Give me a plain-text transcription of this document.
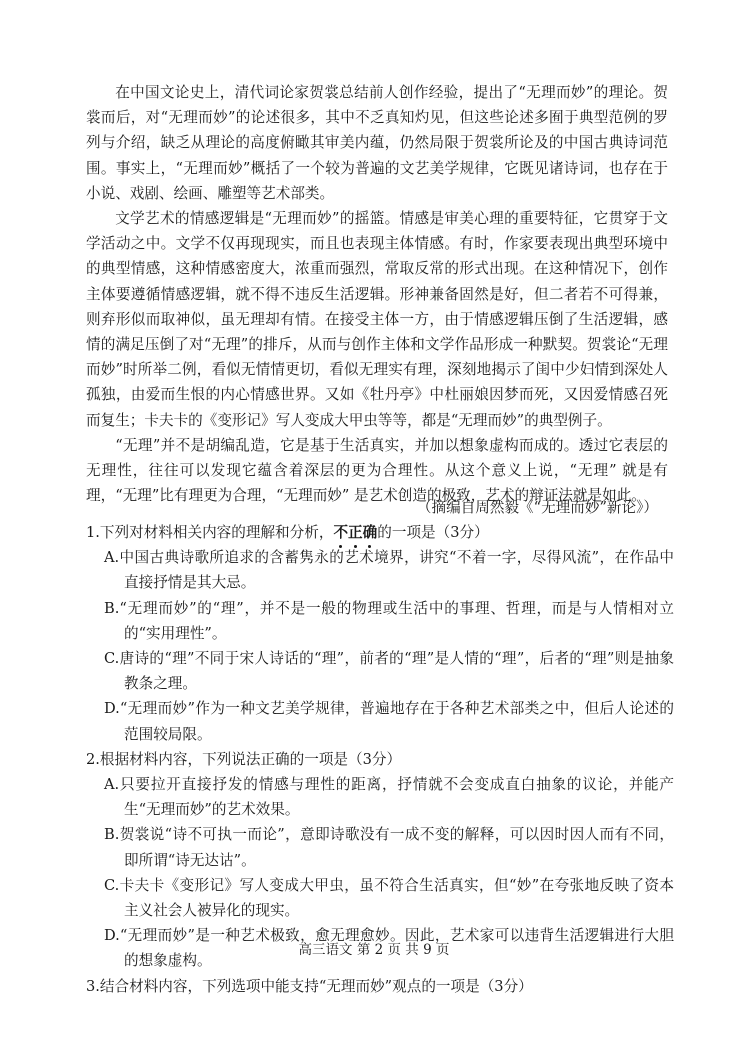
在中国文论史上，清代词论家贺裳总结前人创作经验，提出了“无理而妙”的理论。贺裳而后，对“无理而妙”的论述很多，其中不乏真知灼见，但这些论述多囿于典型范例的罗列与介绍，缺乏从理论的高度俯瞰其审美内蕴，仍然局限于贺裳所论及的中国古典诗词范围。事实上，“无理而妙”概括了一个较为普遍的文艺美学规律，它既见诸诗词，也存在于小说、戏剧、绘画、雕塑等艺术部类。

文学艺术的情感逻辑是“无理而妙”的摇篮。情感是审美心理的重要特征，它贯穿于文学活动之中。文学不仅再现现实，而且也表现主体情感。有时，作家要表现出典型环境中的典型情感，这种情感密度大，浓重而强烈，常取反常的形式出现。在这种情况下，创作主体要遵循情感逻辑，就不得不违反生活逻辑。形神兼备固然是好，但二者若不可得兼，则弃形似而取神似，虽无理却有情。在接受主体一方，由于情感逻辑压倒了生活逻辑，感情的满足压倒了对“无理”的排斥，从而与创作主体和文学作品形成一种默契。贺裳论“无理而妙”时所举二例，看似无情情更切，看似无理实有理，深刻地揭示了闺中少妇情到深处人孤独，由爱而生恨的内心情感世界。又如《牡丹亭》中杜丽娘因梦而死，又因爱情感召死而复生；卡夫卡的《变形记》写人变成大甲虫等等，都是“无理而妙”的典型例子。

“无理”并不是胡编乱造，它是基于生活真实，并加以想象虚构而成的。透过它表层的无理性，往往可以发现它蕴含着深层的更为合理性。从这个意义上说，“无理” 就是有理，“无理”比有理更为合理，“无理而妙” 是艺术创造的极致，艺术的辩证法就是如此。

（摘编自周然毅《“无理而妙”新论》）

1.下列对材料相关内容的理解和分析，不正确的一项是（3分）

A.中国古典诗歌所追求的含蓄隽永的艺术境界，讲究“不着一字，尽得风流”，在作品中直接抒情是其大忌。

B.“无理而妙”的“理”，并不是一般的物理或生活中的事理、哲理，而是与人情相对立的“实用理性”。

C.唐诗的“理”不同于宋人诗话的“理”，前者的“理”是人情的“理”，后者的“理”则是抽象教条之理。

D.“无理而妙”作为一种文艺美学规律，普遍地存在于各种艺术部类之中，但后人论述的范围较局限。

2.根据材料内容，下列说法正确的一项是（3分）

A.只要拉开直接抒发的情感与理性的距离，抒情就不会变成直白抽象的议论，并能产生“无理而妙”的艺术效果。

B.贺裳说“诗不可执一而论”，意即诗歌没有一成不变的解释，可以因时因人而有不同，即所谓“诗无达诂”。

C.卡夫卡《变形记》写人变成大甲虫，虽不符合生活真实，但“妙”在夸张地反映了资本主义社会人被异化的现实。

D.“无理而妙”是一种艺术极致，愈无理愈妙。因此，艺术家可以违背生活逻辑进行大胆的想象虚构。

3.结合材料内容，下列选项中能支持“无理而妙”观点的一项是（3分）

高三语文 第 2 页 共 9 页
